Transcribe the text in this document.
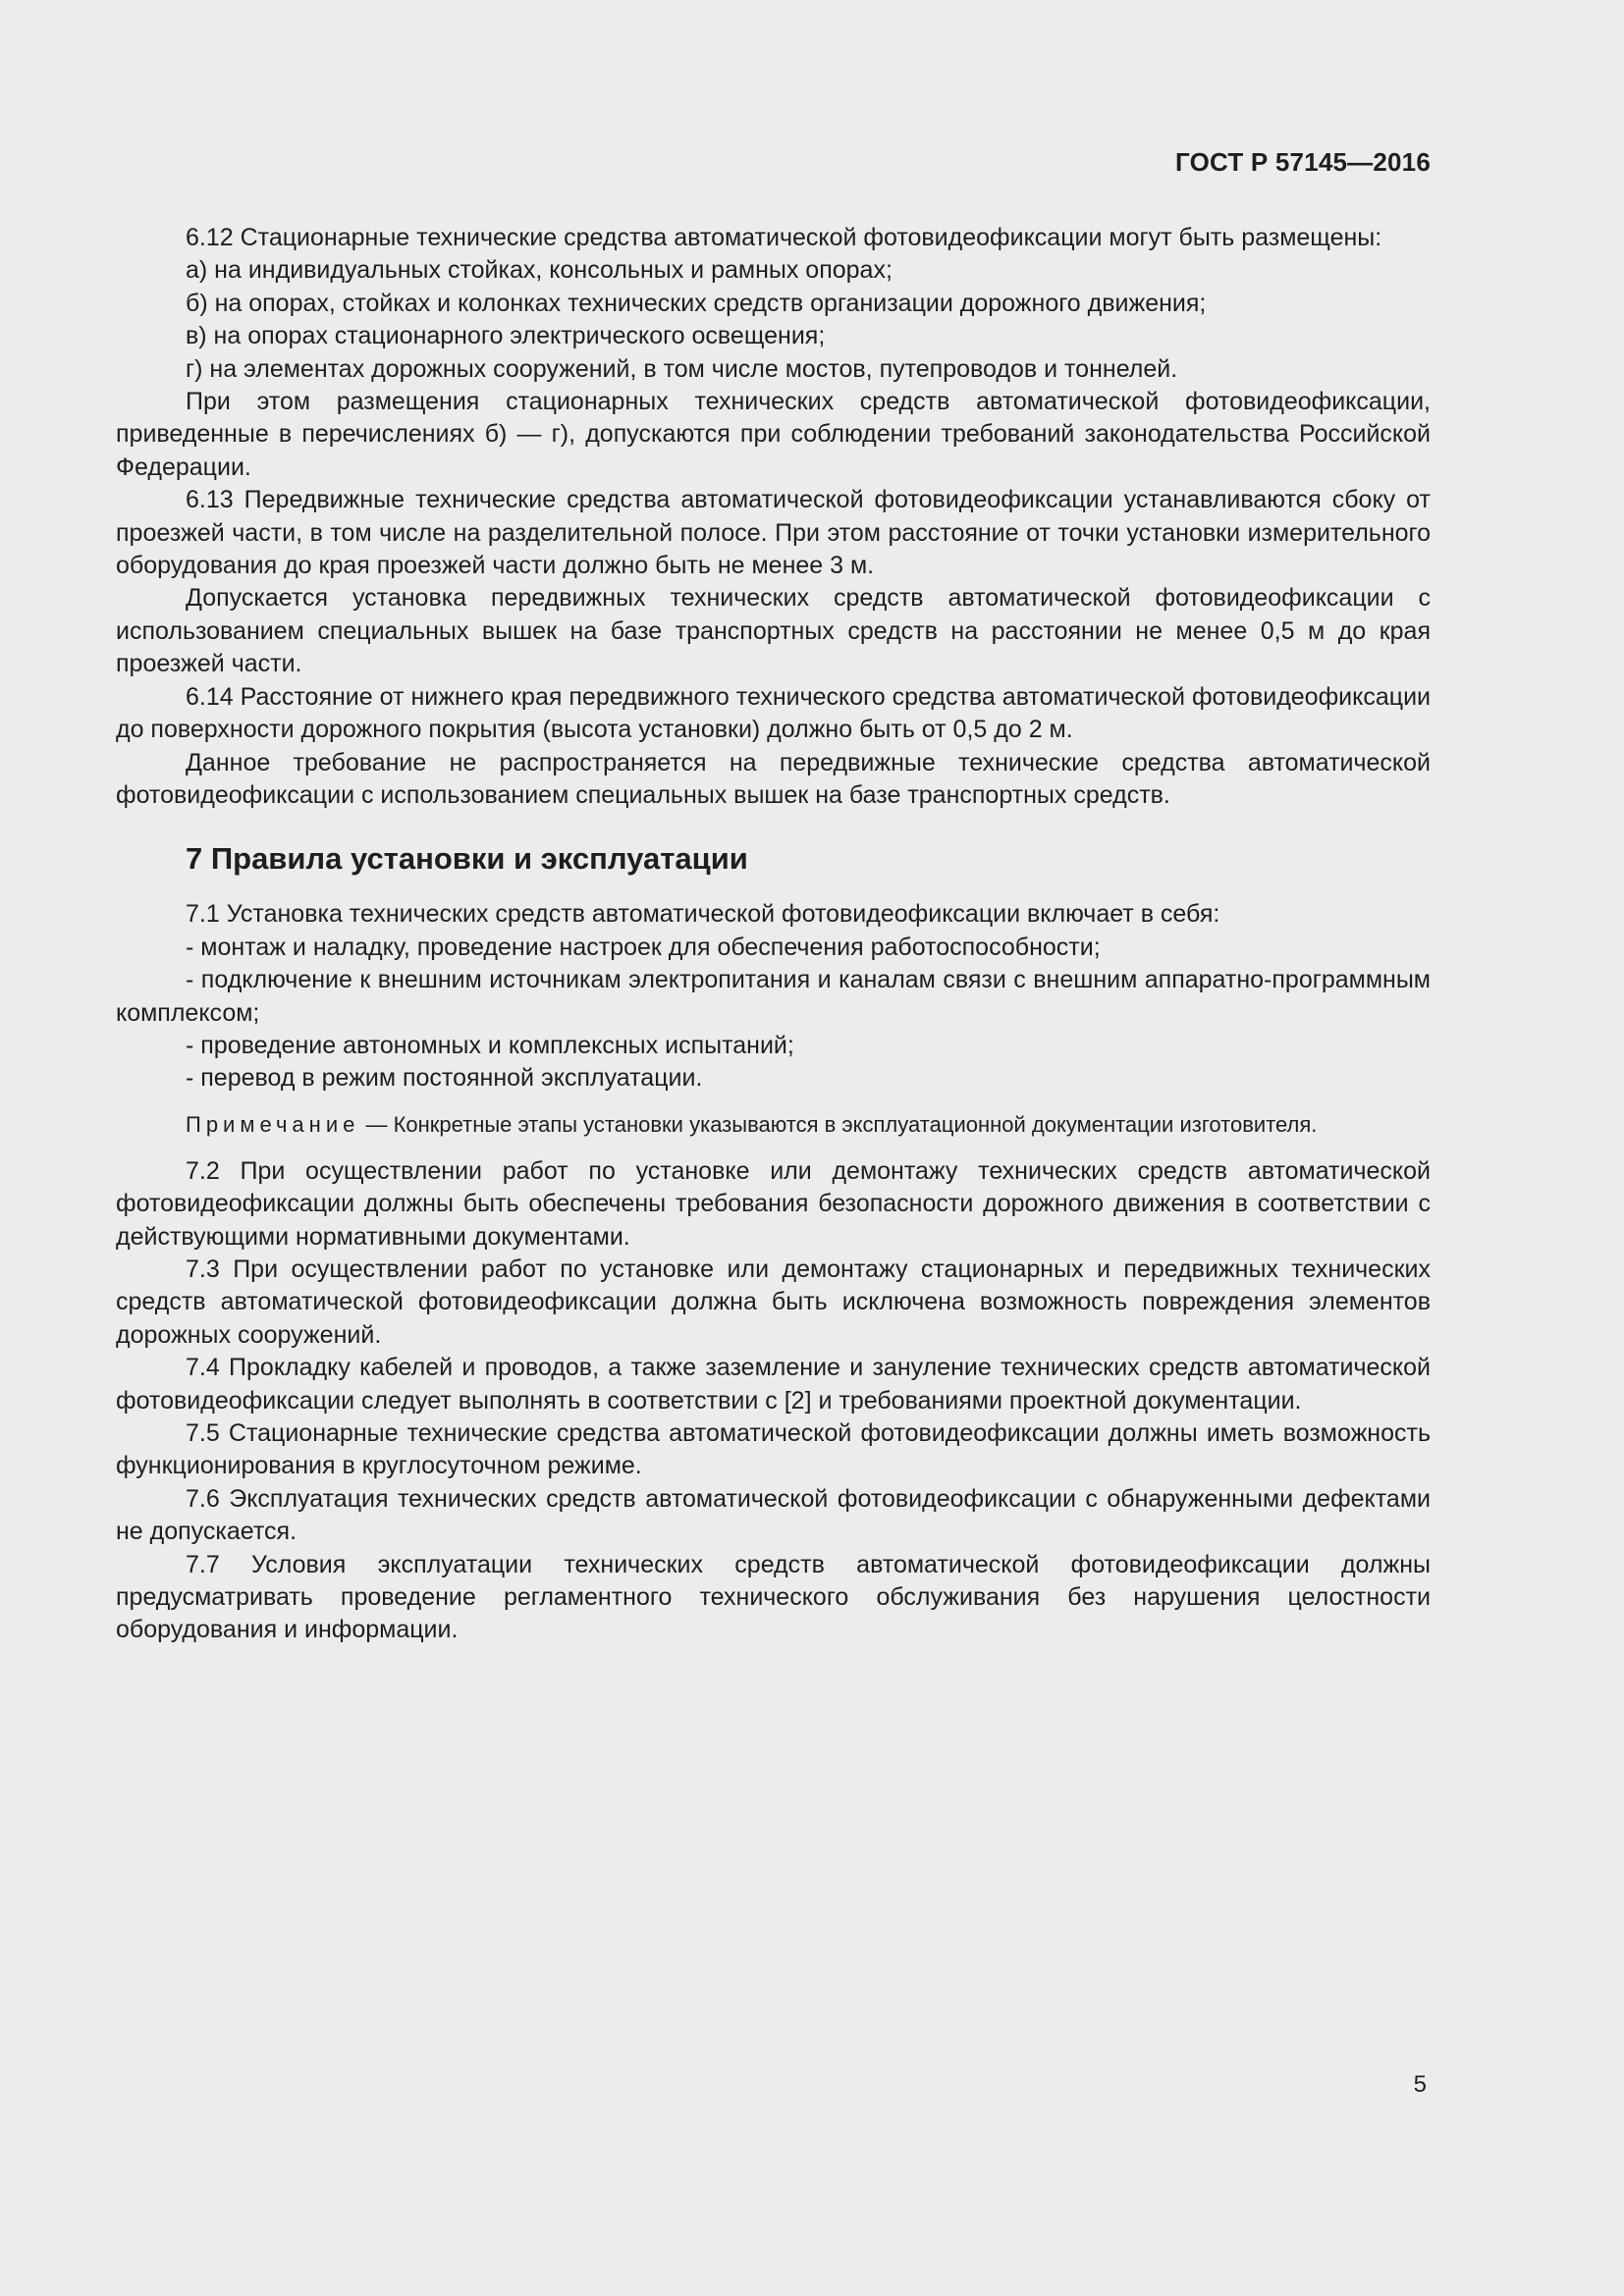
ГОСТ Р 57145—2016

6.12 Стационарные технические средства автоматической фотовидеофиксации могут быть размещены:

а) на индивидуальных стойках, консольных и рамных опорах;

б) на опорах, стойках и колонках технических средств организации дорожного движения;

в) на опорах стационарного электрического освещения;

г) на элементах дорожных сооружений, в том числе мостов, путепроводов и тоннелей.

При этом размещения стационарных технических средств автоматической фотовидеофиксации, приведенные в перечислениях б) — г), допускаются при соблюдении требований законодательства Российской Федерации.

6.13 Передвижные технические средства автоматической фотовидеофиксации устанавливаются сбоку от проезжей части, в том числе на разделительной полосе. При этом расстояние от точки установки измерительного оборудования до края проезжей части должно быть не менее 3 м.

Допускается установка передвижных технических средств автоматической фотовидеофиксации с использованием специальных вышек на базе транспортных средств на расстоянии не менее 0,5 м до края проезжей части.

6.14 Расстояние от нижнего края передвижного технического средства автоматической фотовидеофиксации до поверхности дорожного покрытия (высота установки) должно быть от 0,5 до 2 м.

Данное требование не распространяется на передвижные технические средства автоматической фотовидеофиксации с использованием специальных вышек на базе транспортных средств.

7 Правила установки и эксплуатации

7.1 Установка технических средств автоматической фотовидеофиксации включает в себя:

- монтаж и наладку, проведение настроек для обеспечения работоспособности;

- подключение к внешним источникам электропитания и каналам связи с внешним аппаратно-программным комплексом;

- проведение автономных и комплексных испытаний;

- перевод в режим постоянной эксплуатации.

Примечание — Конкретные этапы установки указываются в эксплуатационной документации изготовителя.

7.2 При осуществлении работ по установке или демонтажу технических средств автоматической фотовидеофиксации должны быть обеспечены требования безопасности дорожного движения в соответствии с действующими нормативными документами.

7.3 При осуществлении работ по установке или демонтажу стационарных и передвижных технических средств автоматической фотовидеофиксации должна быть исключена возможность повреждения элементов дорожных сооружений.

7.4 Прокладку кабелей и проводов, а также заземление и зануление технических средств автоматической фотовидеофиксации следует выполнять в соответствии с [2] и требованиями проектной документации.

7.5 Стационарные технические средства автоматической фотовидеофиксации должны иметь возможность функционирования в круглосуточном режиме.

7.6 Эксплуатация технических средств автоматической фотовидеофиксации с обнаруженными дефектами не допускается.

7.7 Условия эксплуатации технических средств автоматической фотовидеофиксации должны предусматривать проведение регламентного технического обслуживания без нарушения целостности оборудования и информации.

5
